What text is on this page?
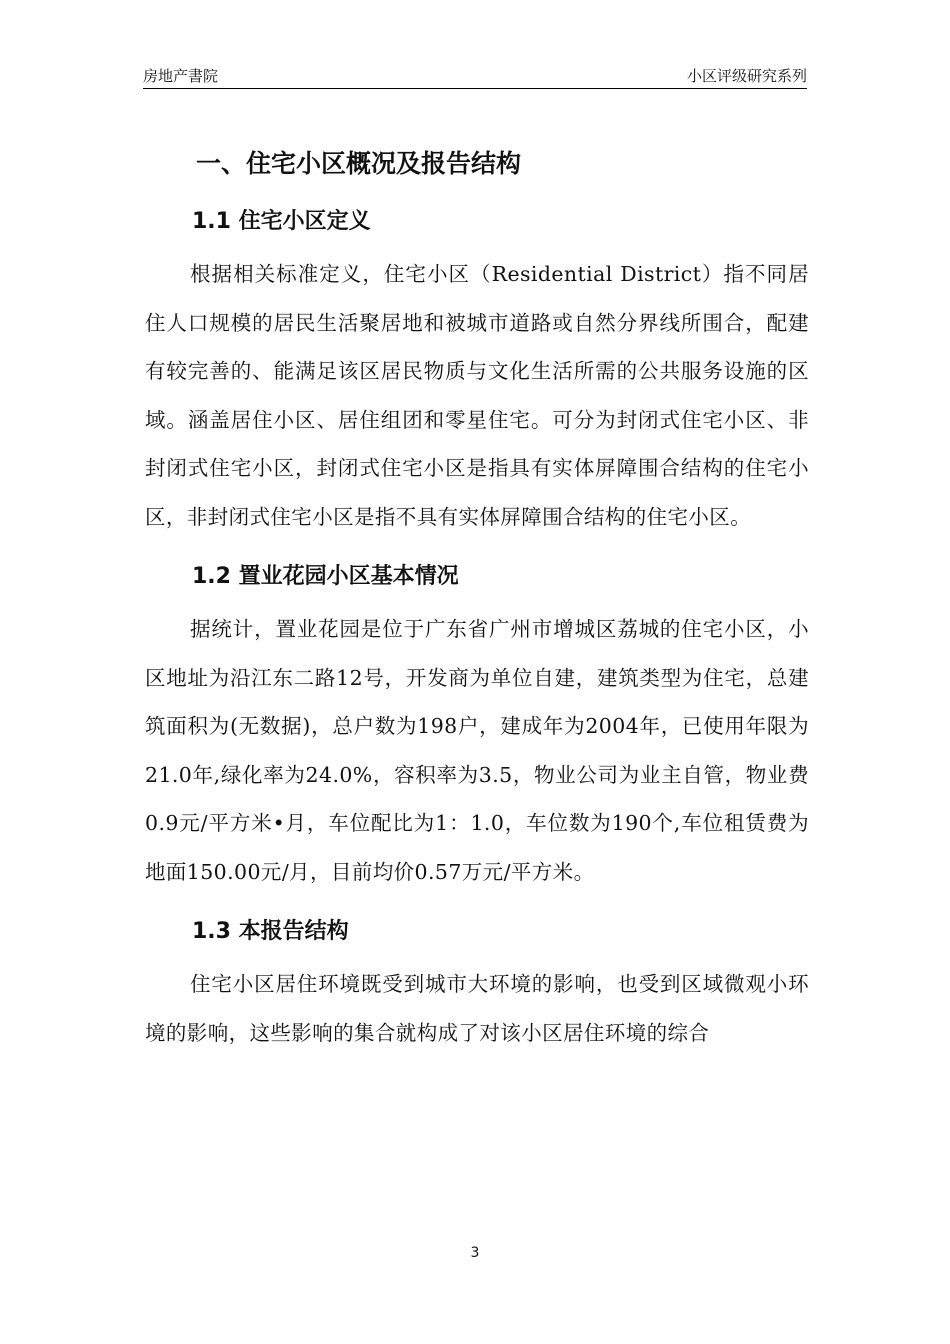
房地产書院	小区评级研究系列
一、住宅小区概况及报告结构
1.1 住宅小区定义

根据相关标准定义，住宅小区（Residential District）指不同居住人口规模的居民生活聚居地和被城市道路或自然分界线所围合，配建有较完善的、能满足该区居民物质与文化生活所需的公共服务设施的区域。涵盖居住小区、居住组团和零星住宅。可分为封闭式住宅小区、非封闭式住宅小区，封闭式住宅小区是指具有实体屏障围合结构的住宅小区，非封闭式住宅小区是指不具有实体屏障围合结构的住宅小区。

1.2 置业花园小区基本情况

据统计，置业花园是位于广东省广州市增城区荔城的住宅小区，小区地址为沿江东二路12号，开发商为单位自建，建筑类型为住宅，总建筑面积为(无数据)，总户数为198户，建成年为2004年，已使用年限为21.0年,绿化率为24.0%，容积率为3.5，物业公司为业主自管，物业费0.9元/平方米•月，车位配比为1：1.0，车位数为190个,车位租赁费为地面150.00元/月，目前均价0.57万元/平方米。

1.3 本报告结构

住宅小区居住环境既受到城市大环境的影响，也受到区域微观小环境的影响，这些影响的集合就构成了对该小区居住环境的综合

3
